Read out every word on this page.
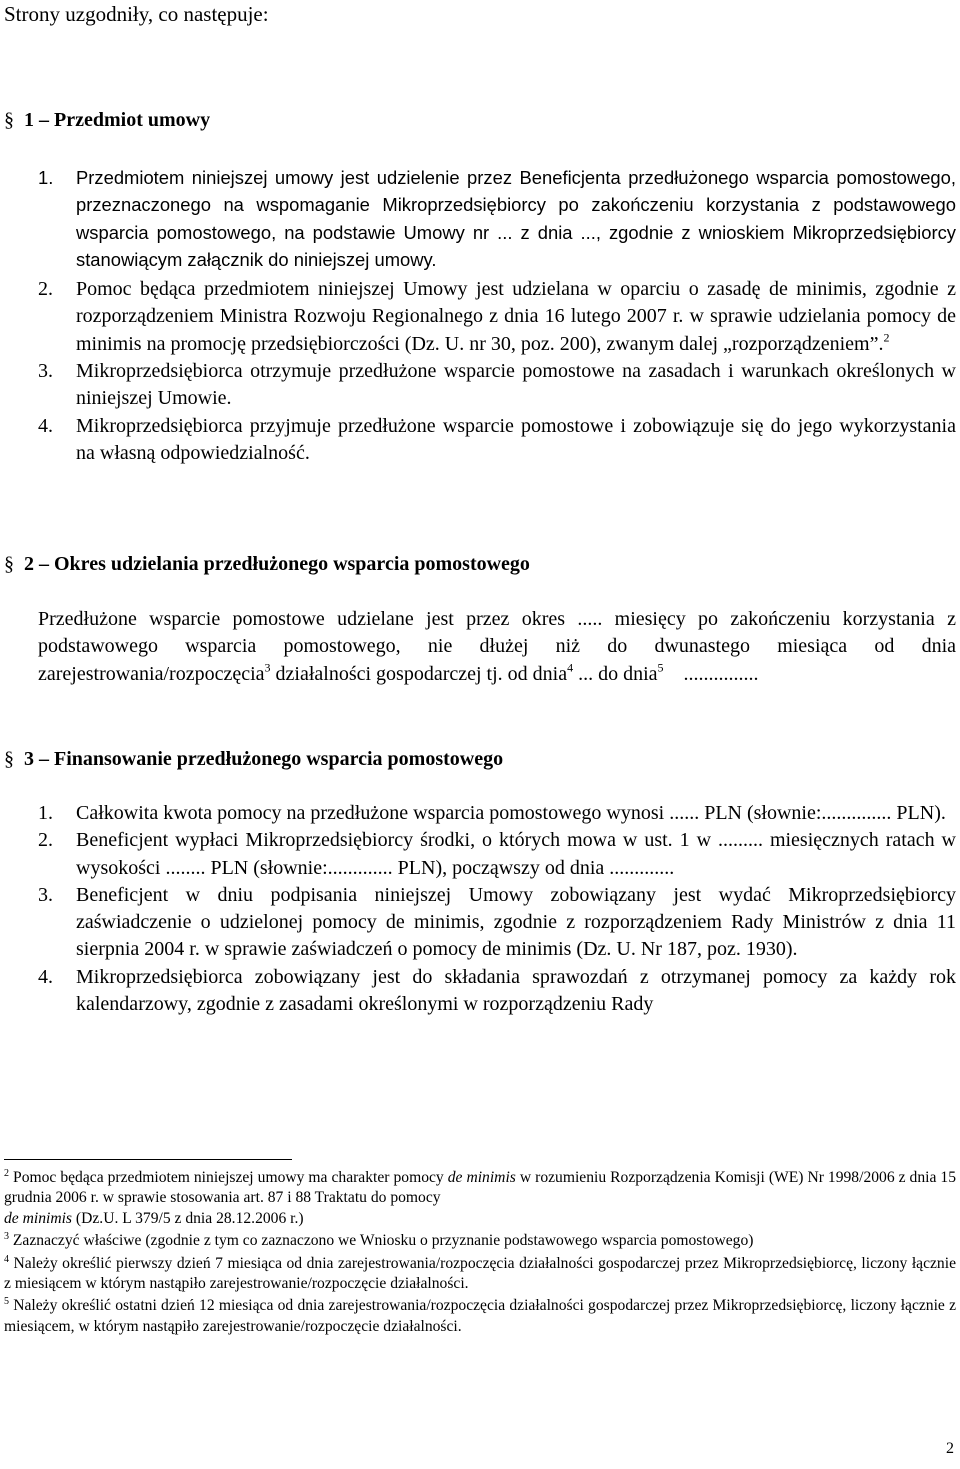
Strony uzgodniły, co następuje:
§ 1 – Przedmiot umowy

1. Przedmiotem niniejszej umowy jest udzielenie przez Beneficjenta przedłużonego wsparcia pomostowego, przeznaczonego na wspomaganie Mikroprzedsiębiorcy po zakończeniu korzystania z podstawowego wsparcia pomostowego, na podstawie Umowy nr ... z dnia ..., zgodnie z wnioskiem Mikroprzedsiębiorcy stanowiącym załącznik do niniejszej umowy.

2. Pomoc będąca przedmiotem niniejszej Umowy jest udzielana w oparciu o zasadę de minimis, zgodnie z rozporządzeniem Ministra Rozwoju Regionalnego z dnia 16 lutego 2007 r. w sprawie udzielania pomocy de minimis na promocję przedsiębiorczości (Dz. U. nr 30, poz. 200), zwanym dalej „rozporządzeniem”.$^2$

3. Mikroprzedsiębiorca otrzymuje przedłużone wsparcie pomostowe na zasadach i warunkach określonych w niniejszej Umowie.

4. Mikroprzedsiębiorca przyjmuje przedłużone wsparcie pomostowe i zobowiązuje się do jego wykorzystania na własną odpowiedzialność.

§ 2 – Okres udzielania przedłużonego wsparcia pomostowego
Przedłużone wsparcie pomostowe udzielane jest przez okres ..... miesięcy po zakończeniu korzystania z podstawowego wsparcia pomostowego, nie dłużej niż do dwunastego miesiąca od dnia zarejestrowania/rozpoczęcia$^3$ działalności gospodarczej tj. od dnia$^4$ ... do dnia$^5$ ...............
§ 3 – Finansowanie przedłużonego wsparcia pomostowego

1. Całkowita kwota pomocy na przedłużone wsparcia pomostowego wynosi ...... PLN (słownie:.............. PLN).

2. Beneficjent wypłaci Mikroprzedsiębiorcy środki, o których mowa w ust. 1 w ......... miesięcznych ratach w wysokości ........ PLN (słownie:............. PLN), począwszy od dnia .............

3. Beneficjent w dniu podpisania niniejszej Umowy zobowiązany jest wydać Mikroprzedsiębiorcy zaświadczenie o udzielonej pomocy de minimis, zgodnie z rozporządzeniem Rady Ministrów z dnia 11 sierpnia 2004 r. w sprawie zaświadczeń o pomocy de minimis (Dz. U. Nr 187, poz. 1930).

4. Mikroprzedsiębiorca zobowiązany jest do składania sprawozdań z otrzymanej pomocy za każdy rok kalendarzowy, zgodnie z zasadami określonymi w rozporządzeniu Rady

$^2$ Pomoc będąca przedmiotem niniejszej umowy ma charakter pomocy de minimis w rozumieniu Rozporządzenia Komisji (WE) Nr 1998/2006 z dnia 15 grudnia 2006 r. w sprawie stosowania art. 87 i 88 Traktatu do pomocy
de minimis (Dz.U. L 379/5 z dnia 28.12.2006 r.)

$^3$ Zaznaczyć właściwe (zgodnie z tym co zaznaczono we Wniosku o przyznanie podstawowego wsparcia pomostowego)

$^4$ Należy określić pierwszy dzień 7 miesiąca od dnia zarejestrowania/rozpoczęcia działalności gospodarczej przez Mikroprzedsiębiorcę, liczony łącznie z miesiącem w którym nastąpiło zarejestrowanie/rozpoczęcie działalności.

$^5$ Należy określić ostatni dzień 12 miesiąca od dnia zarejestrowania/rozpoczęcia działalności gospodarczej przez Mikroprzedsiębiorcę, liczony łącznie z miesiącem, w którym nastąpiło zarejestrowanie/rozpoczęcie działalności.

2
